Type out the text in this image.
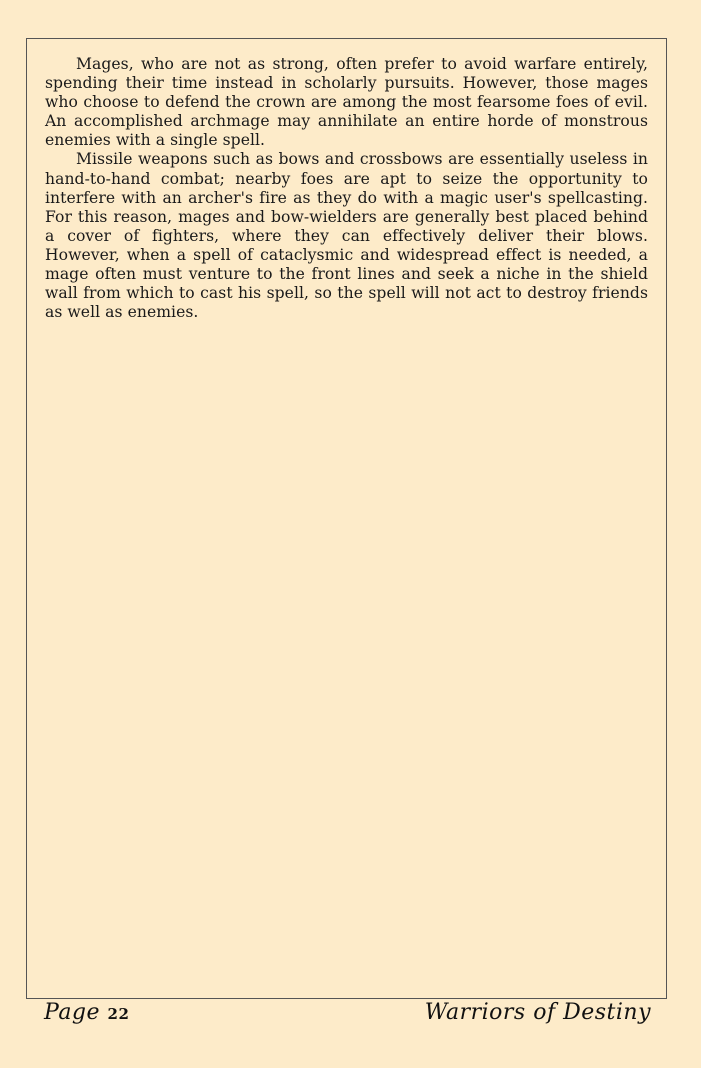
Mages, who are not as strong, often prefer to avoid warfare entirely, spending their time instead in scholarly pursuits. However, those mages who choose to defend the crown are among the most fearsome foes of evil. An accomplished archmage may annihilate an entire horde of monstrous enemies with a single spell.

Missile weapons such as bows and crossbows are essentially useless in hand-to-hand combat; nearby foes are apt to seize the opportunity to interfere with an archer's fire as they do with a magic user's spellcasting. For this reason, mages and bow-wielders are generally best placed behind a cover of fighters, where they can effectively deliver their blows. However, when a spell of cataclysmic and widespread effect is needed, a mage often must venture to the front lines and seek a niche in the shield wall from which to cast his spell, so the spell will not act to destroy friends as well as enemies.

Page 22	Warriors of Destiny
